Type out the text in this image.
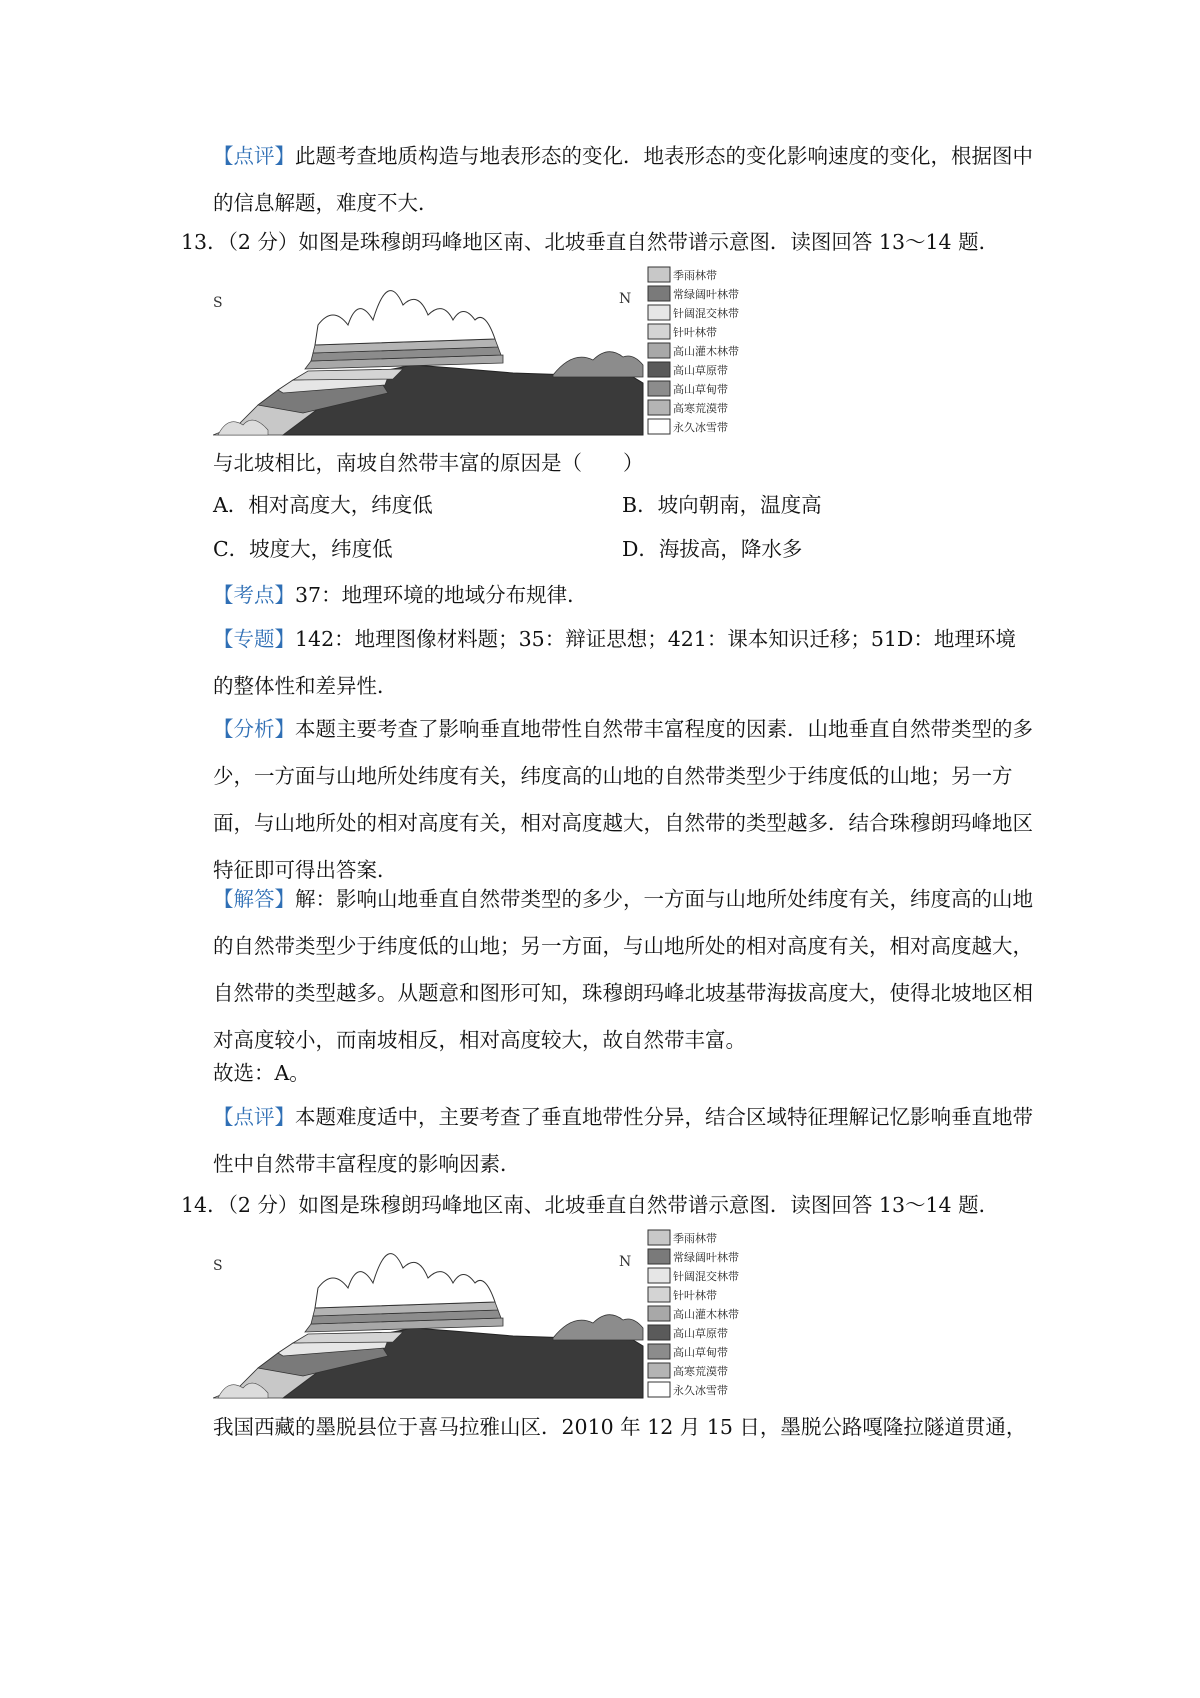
【点评】此题考查地质构造与地表形态的变化．地表形态的变化影响速度的变化，根据图中的信息解题，难度不大．
13．（2 分）如图是珠穆朗玛峰地区南、北坡垂直自然带谱示意图．读图回答 13～14 题．
S	N
季雨林带
常绿阔叶林带
针阔混交林带
针叶林带
高山灌木林带
高山草原带
高山草甸带
高寒荒漠带
永久冰雪带
与北坡相比，南坡自然带丰富的原因是（　　）
A．相对高度大，纬度低	B．坡向朝南，温度高
C．坡度大，纬度低	D．海拔高，降水多
【考点】37：地理环境的地域分布规律．
【专题】142：地理图像材料题；35：辩证思想；421：课本知识迁移；51D：地理环境的整体性和差异性．
【分析】本题主要考查了影响垂直地带性自然带丰富程度的因素．山地垂直自然带类型的多少，一方面与山地所处纬度有关，纬度高的山地的自然带类型少于纬度低的山地；另一方面，与山地所处的相对高度有关，相对高度越大，自然带的类型越多．结合珠穆朗玛峰地区特征即可得出答案．
【解答】解：影响山地垂直自然带类型的多少，一方面与山地所处纬度有关，纬度高的山地的自然带类型少于纬度低的山地；另一方面，与山地所处的相对高度有关，相对高度越大，自然带的类型越多。从题意和图形可知，珠穆朗玛峰北坡基带海拔高度大，使得北坡地区相对高度较小，而南坡相反，相对高度较大，故自然带丰富。
故选：A。
【点评】本题难度适中，主要考查了垂直地带性分异，结合区域特征理解记忆影响垂直地带性中自然带丰富程度的影响因素．
14．（2 分）如图是珠穆朗玛峰地区南、北坡垂直自然带谱示意图．读图回答 13～14 题．
S	N
季雨林带
常绿阔叶林带
针阔混交林带
针叶林带
高山灌木林带
高山草原带
高山草甸带
高寒荒漠带
永久冰雪带
我国西藏的墨脱县位于喜马拉雅山区．2010 年 12 月 15 日，墨脱公路嘎隆拉隧道贯通，
